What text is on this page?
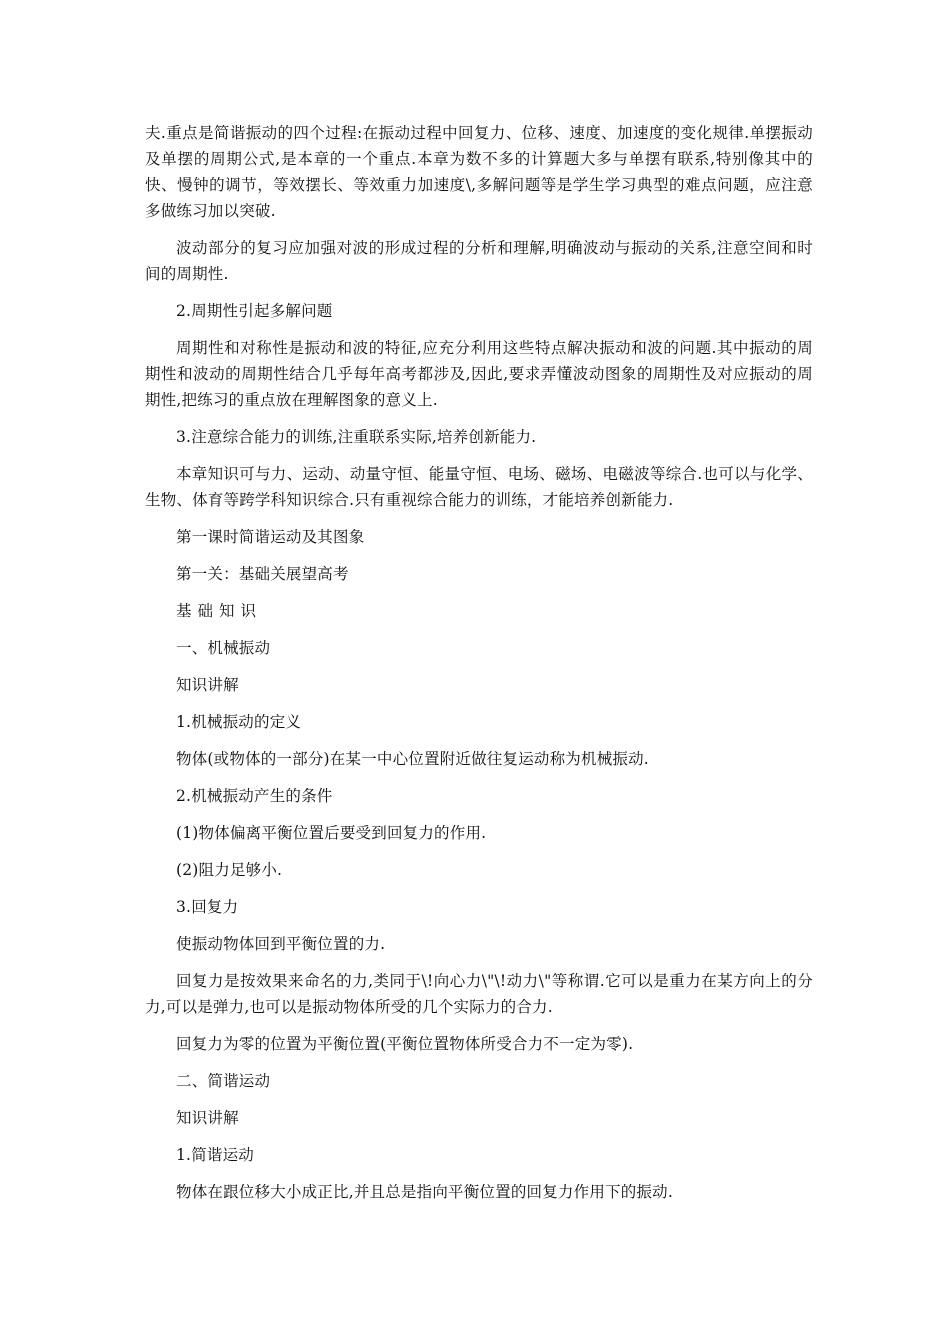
夫.重点是简谐振动的四个过程:在振动过程中回复力、位移、速度、加速度的变化规律.单摆振动及单摆的周期公式,是本章的一个重点.本章为数不多的计算题大多与单摆有联系,特别像其中的快、慢钟的调节，等效摆长、等效重力加速度\,多解问题等是学生学习典型的难点问题，应注意多做练习加以突破.

波动部分的复习应加强对波的形成过程的分析和理解,明确波动与振动的关系,注意空间和时间的周期性.

2.周期性引起多解问题

周期性和对称性是振动和波的特征,应充分利用这些特点解决振动和波的问题.其中振动的周期性和波动的周期性结合几乎每年高考都涉及,因此,要求弄懂波动图象的周期性及对应振动的周期性,把练习的重点放在理解图象的意义上.

3.注意综合能力的训练,注重联系实际,培养创新能力.

本章知识可与力、运动、动量守恒、能量守恒、电场、磁场、电磁波等综合.也可以与化学、生物、体育等跨学科知识综合.只有重视综合能力的训练，才能培养创新能力.

第一课时简谐运动及其图象

第一关：基础关展望高考

基础知识

一、机械振动

知识讲解

1.机械振动的定义

物体(或物体的一部分)在某一中心位置附近做往复运动称为机械振动.

2.机械振动产生的条件

(1)物体偏离平衡位置后要受到回复力的作用.

(2)阻力足够小.

3.回复力

使振动物体回到平衡位置的力.

回复力是按效果来命名的力,类同于\!向心力\"\!动力\"等称谓.它可以是重力在某方向上的分力,可以是弹力,也可以是振动物体所受的几个实际力的合力.

回复力为零的位置为平衡位置(平衡位置物体所受合力不一定为零).

二、简谐运动

知识讲解

1.简谐运动

物体在跟位移大小成正比,并且总是指向平衡位置的回复力作用下的振动.
